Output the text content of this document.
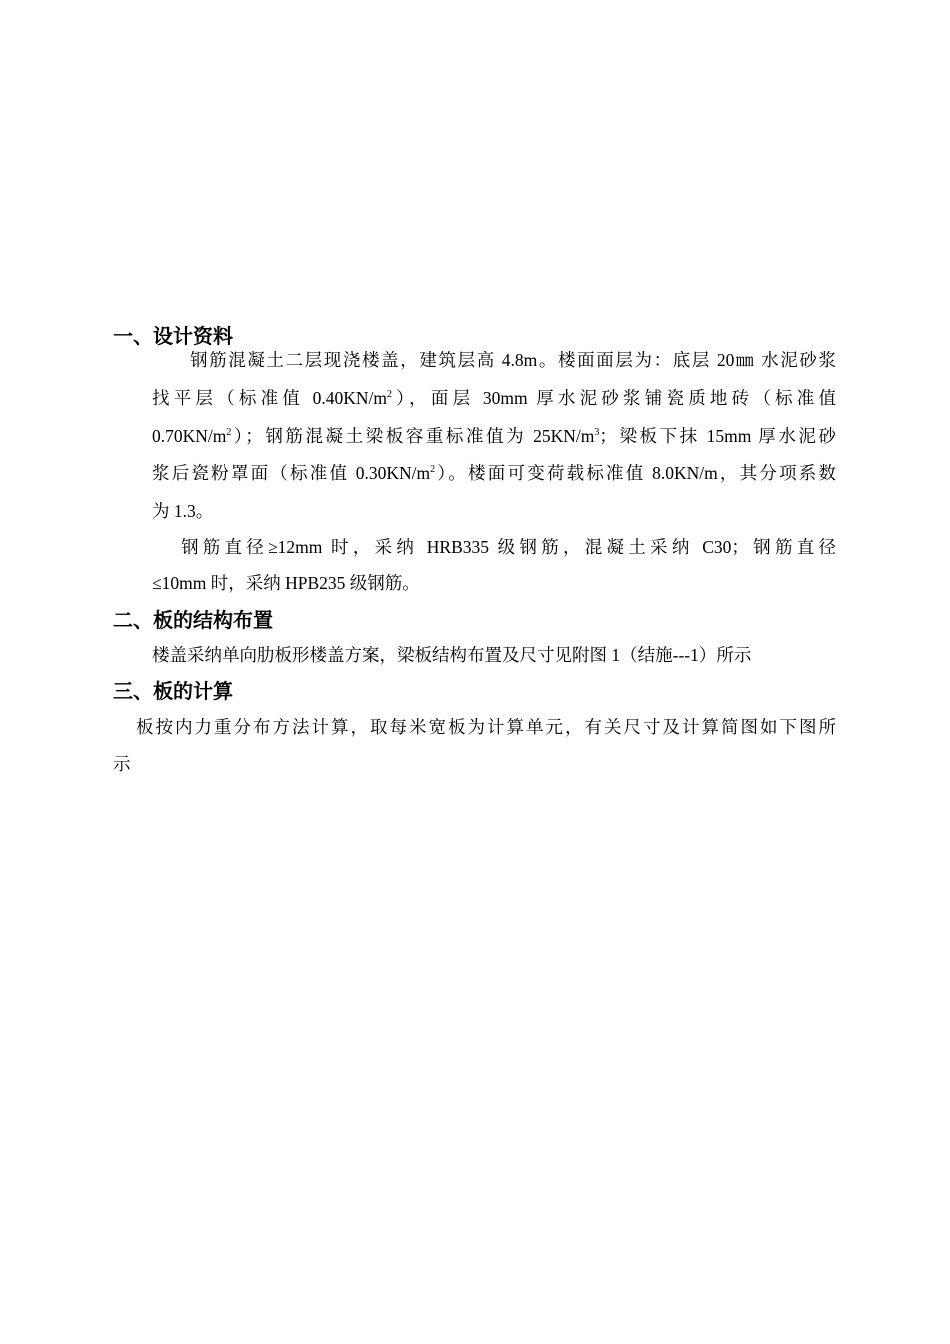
一、设计资料
钢筋混凝土二层现浇楼盖，建筑层高 4.8m。楼面面层为：底层 20㎜ 水泥砂浆
找平层（标准值 $0.40KN/m^2$），面层 30mm 厚水泥砂浆铺瓷质地砖（标准值
$0.70KN/m^2$）；钢筋混凝土梁板容重标准值为 $25KN/m^3$；梁板下抹 15mm 厚水泥砂
浆后瓷粉罩面（标准值 $0.30KN/m^2$）。楼面可变荷载标准值 8.0KN/m，其分项系数
为 1.3。
钢筋直径≥12mm 时，采纳 HRB335 级钢筋，混凝土采纳 C30；钢筋直径
≤10mm 时，采纳 HPB235 级钢筋。
二、板的结构布置
楼盖采纳单向肋板形楼盖方案，梁板结构布置及尺寸见附图 1（结施---1）所示
三、板的计算
板按内力重分布方法计算，取每米宽板为计算单元，有关尺寸及计算简图如下图所
示
